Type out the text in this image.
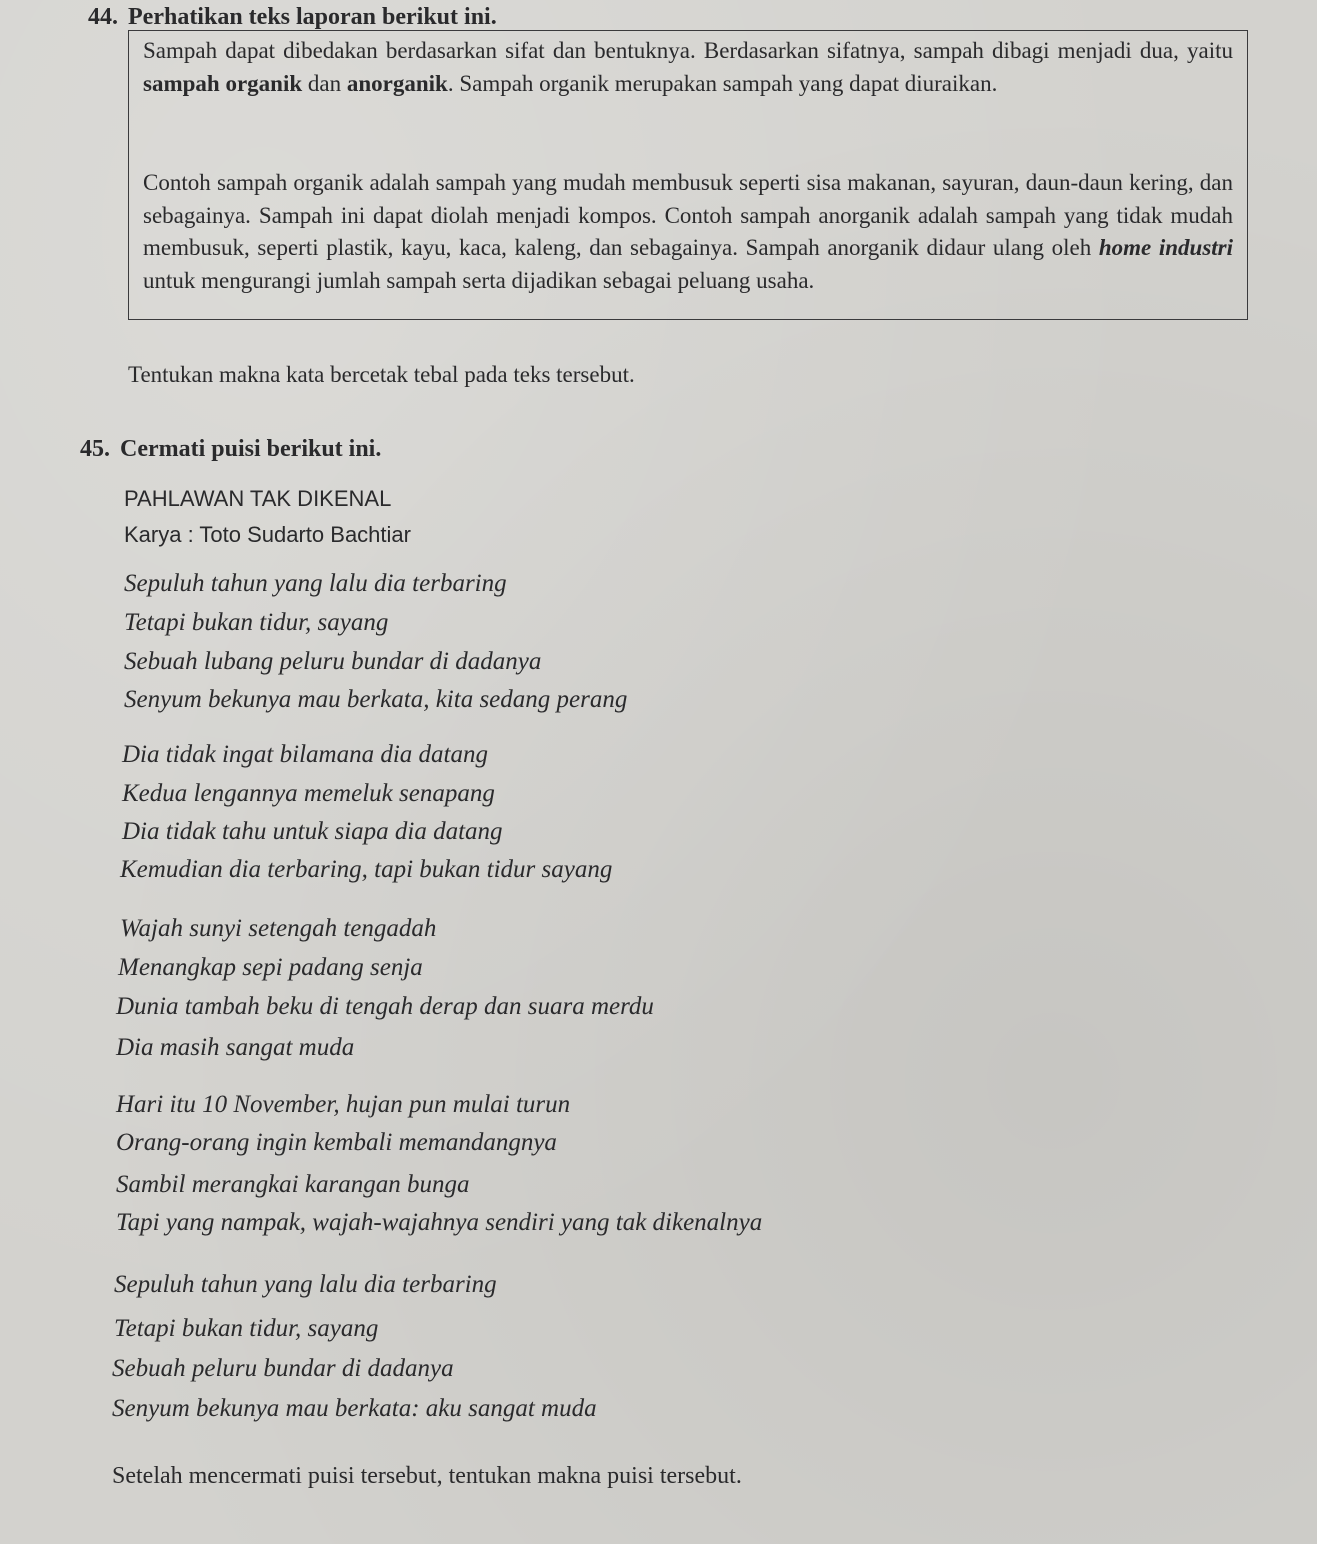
44. Perhatikan teks laporan berikut ini.
Sampah dapat dibedakan berdasarkan sifat dan bentuknya. Berdasarkan sifatnya, sampah dibagi menjadi dua, yaitu sampah organik dan anorganik. Sampah organik merupakan sampah yang dapat diuraikan.
Contoh sampah organik adalah sampah yang mudah membusuk seperti sisa makanan, sayuran, daun-daun kering, dan sebagainya. Sampah ini dapat diolah menjadi kompos. Contoh sampah anorganik adalah sampah yang tidak mudah membusuk, seperti plastik, kayu, kaca, kaleng, dan sebagainya. Sampah anorganik didaur ulang oleh home industri untuk mengurangi jumlah sampah serta dijadikan sebagai peluang usaha.
Tentukan makna kata bercetak tebal pada teks tersebut.
45. Cermati puisi berikut ini.
PAHLAWAN TAK DIKENAL
Karya : Toto Sudarto Bachtiar
Sepuluh tahun yang lalu dia terbaring
Tetapi bukan tidur, sayang
Sebuah lubang peluru bundar di dadanya
Senyum bekunya mau berkata, kita sedang perang
Dia tidak ingat bilamana dia datang
Kedua lengannya memeluk senapang
Dia tidak tahu untuk siapa dia datang
Kemudian dia terbaring, tapi bukan tidur sayang
Wajah sunyi setengah tengadah
Menangkap sepi padang senja
Dunia tambah beku di tengah derap dan suara merdu
Dia masih sangat muda
Hari itu 10 November, hujan pun mulai turun
Orang-orang ingin kembali memandangnya
Sambil merangkai karangan bunga
Tapi yang nampak, wajah-wajahnya sendiri yang tak dikenalnya
Sepuluh tahun yang lalu dia terbaring
Tetapi bukan tidur, sayang
Sebuah peluru bundar di dadanya
Senyum bekunya mau berkata: aku sangat muda
Setelah mencermati puisi tersebut, tentukan makna puisi tersebut.
